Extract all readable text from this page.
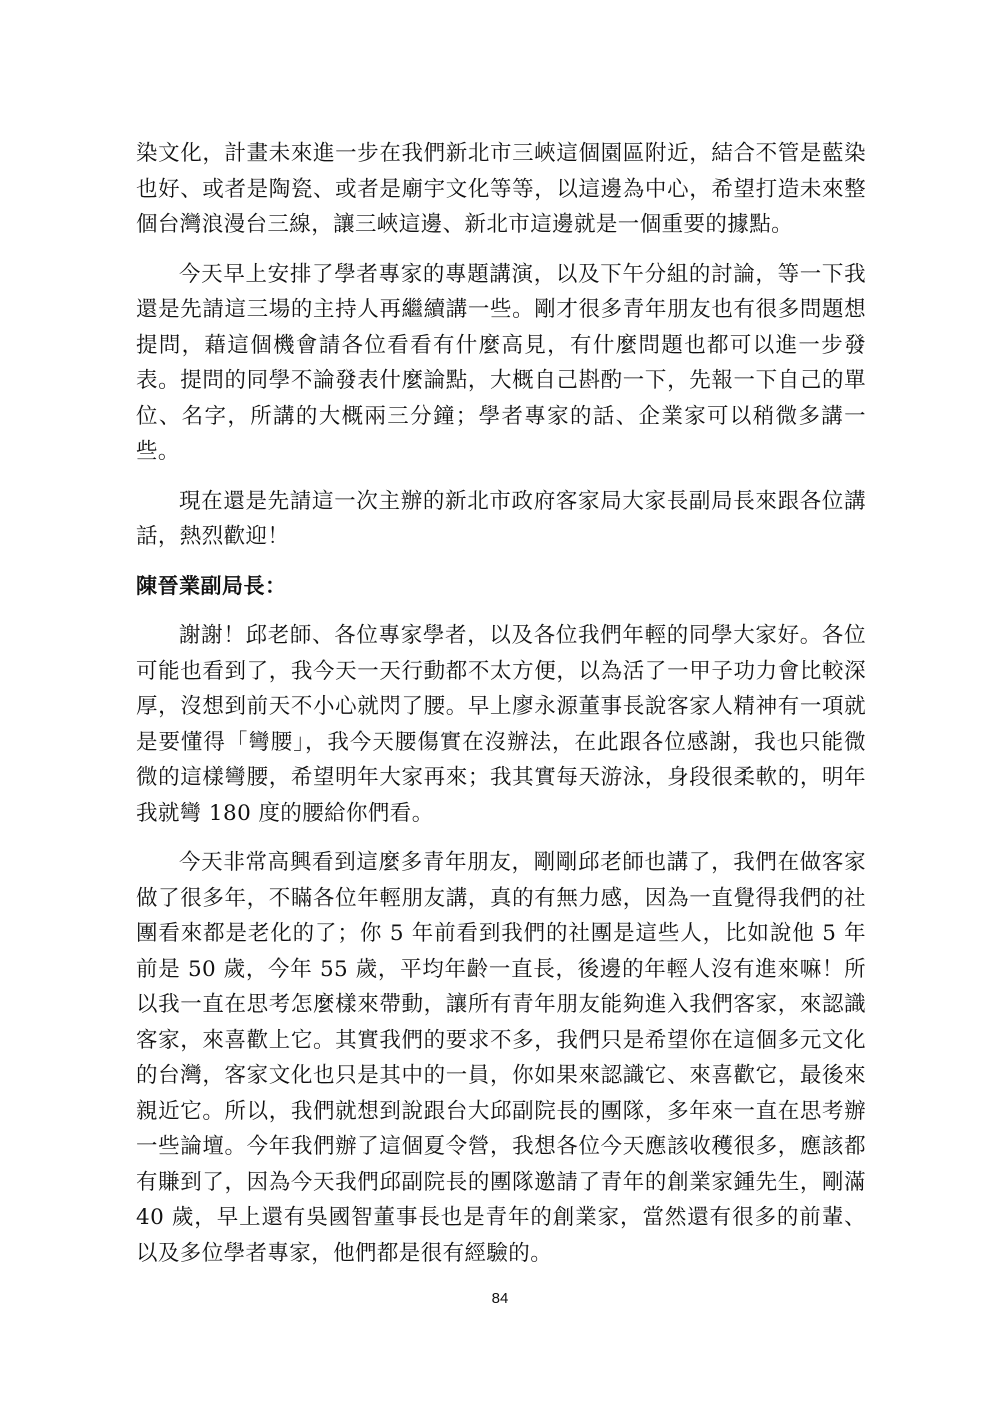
染文化，計畫未來進一步在我們新北市三峽這個園區附近，結合不管是藍染也好、或者是陶瓷、或者是廟宇文化等等，以這邊為中心，希望打造未來整個台灣浪漫台三線，讓三峽這邊、新北市這邊就是一個重要的據點。

今天早上安排了學者專家的專題講演，以及下午分組的討論，等一下我還是先請這三場的主持人再繼續講一些。剛才很多青年朋友也有很多問題想提問，藉這個機會請各位看看有什麼高見，有什麼問題也都可以進一步發表。提問的同學不論發表什麼論點，大概自己斟酌一下，先報一下自己的單位、名字，所講的大概兩三分鐘；學者專家的話、企業家可以稍微多講一些。

現在還是先請這一次主辦的新北市政府客家局大家長副局長來跟各位講話，熱烈歡迎！

陳晉業副局長：

謝謝！邱老師、各位專家學者，以及各位我們年輕的同學大家好。各位可能也看到了，我今天一天行動都不太方便，以為活了一甲子功力會比較深厚，沒想到前天不小心就閃了腰。早上廖永源董事長說客家人精神有一項就是要懂得「彎腰」，我今天腰傷實在沒辦法，在此跟各位感謝，我也只能微微的這樣彎腰，希望明年大家再來；我其實每天游泳，身段很柔軟的，明年我就彎 180 度的腰給你們看。

今天非常高興看到這麼多青年朋友，剛剛邱老師也講了，我們在做客家做了很多年，不瞞各位年輕朋友講，真的有無力感，因為一直覺得我們的社團看來都是老化的了；你 5 年前看到我們的社團是這些人，比如說他 5 年前是 50 歲，今年 55 歲，平均年齡一直長，後邊的年輕人沒有進來嘛！所以我一直在思考怎麼樣來帶動，讓所有青年朋友能夠進入我們客家，來認識客家，來喜歡上它。其實我們的要求不多，我們只是希望你在這個多元文化的台灣，客家文化也只是其中的一員，你如果來認識它、來喜歡它，最後來親近它。所以，我們就想到說跟台大邱副院長的團隊，多年來一直在思考辦一些論壇。今年我們辦了這個夏令營，我想各位今天應該收穫很多，應該都有賺到了，因為今天我們邱副院長的團隊邀請了青年的創業家鍾先生，剛滿 40 歲，早上還有吳國智董事長也是青年的創業家，當然還有很多的前輩、以及多位學者專家，他們都是很有經驗的。

84
